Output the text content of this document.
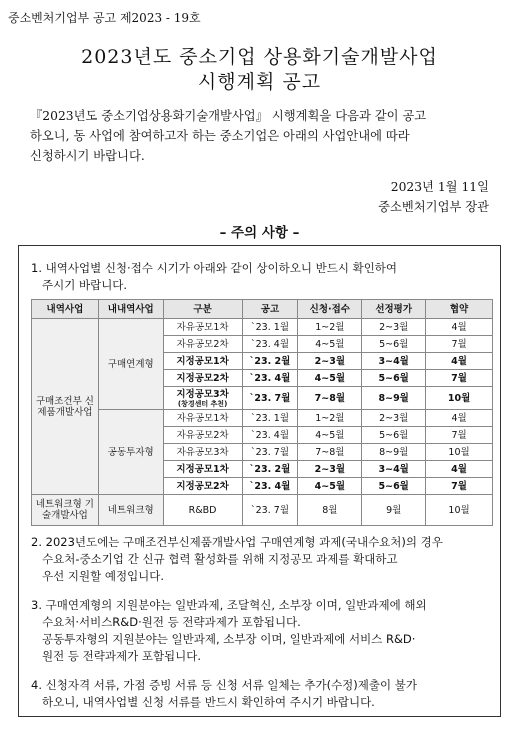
중소벤처기업부 공고 제2023 - 19호
2023년도 중소기업 상용화기술개발사업
시행계획 공고

『2023년도 중소기업상용화기술개발사업』 시행계획을 다음과 같이 공고

하오니, 동 사업에 참여하고자 하는 중소기업은 아래의 사업안내에 따라

신청하시기 바랍니다.

2023년 1월 11일
중소벤처기업부 장관
– 주의 사항 –

1. 내역사업별 신청·접수 시기가 아래와 같이 상이하오니 반드시 확인하여

주시기 바랍니다.

내역사업	내내역사업	구분	공고	신청·접수	선정평가	협약
구매조건부 신제품개발사업	구매연계형	자유공모1차	`23. 1월	1~2월	2~3월	4월
		자유공모2차	`23. 4월	4~5월	5~6월	7월
		지정공모1차	`23. 2월	2~3월	3~4월	4월
		지정공모2차	`23. 4월	4~5월	5~6월	7월
		지정공모3차
(창경센터 추천)	`23. 7월	7~8월	8~9월	10월
	공동투자형	자유공모1차	`23. 1월	1~2월	2~3월	4월
		자유공모2차	`23. 4월	4~5월	5~6월	7월
		자유공모3차	`23. 7월	7~8월	8~9월	10월
		지정공모1차	`23. 2월	2~3월	3~4월	4월
		지정공모2차	`23. 4월	4~5월	5~6월	7월
네트워크형 기술개발사업	네트워크형	R&BD	`23. 7월	8월	9월	10월

2. 2023년도에는 구매조건부신제품개발사업 구매연계형 과제(국내수요처)의 경우

수요처-중소기업 간 신규 협력 활성화를 위해 지정공모 과제를 확대하고

우선 지원할 예정입니다.

3. 구매연계형의 지원분야는 일반과제, 조달혁신, 소부장 이며, 일반과제에 해외

수요처·서비스R&D·원전 등 전략과제가 포함됩니다.

공동투자형의 지원분야는 일반과제, 소부장 이며, 일반과제에 서비스 R&D·

원전 등 전략과제가 포함됩니다.

4. 신청자격 서류, 가점 증빙 서류 등 신청 서류 일체는 추가(수정)제출이 불가

하오니, 내역사업별 신청 서류를 반드시 확인하여 주시기 바랍니다.
